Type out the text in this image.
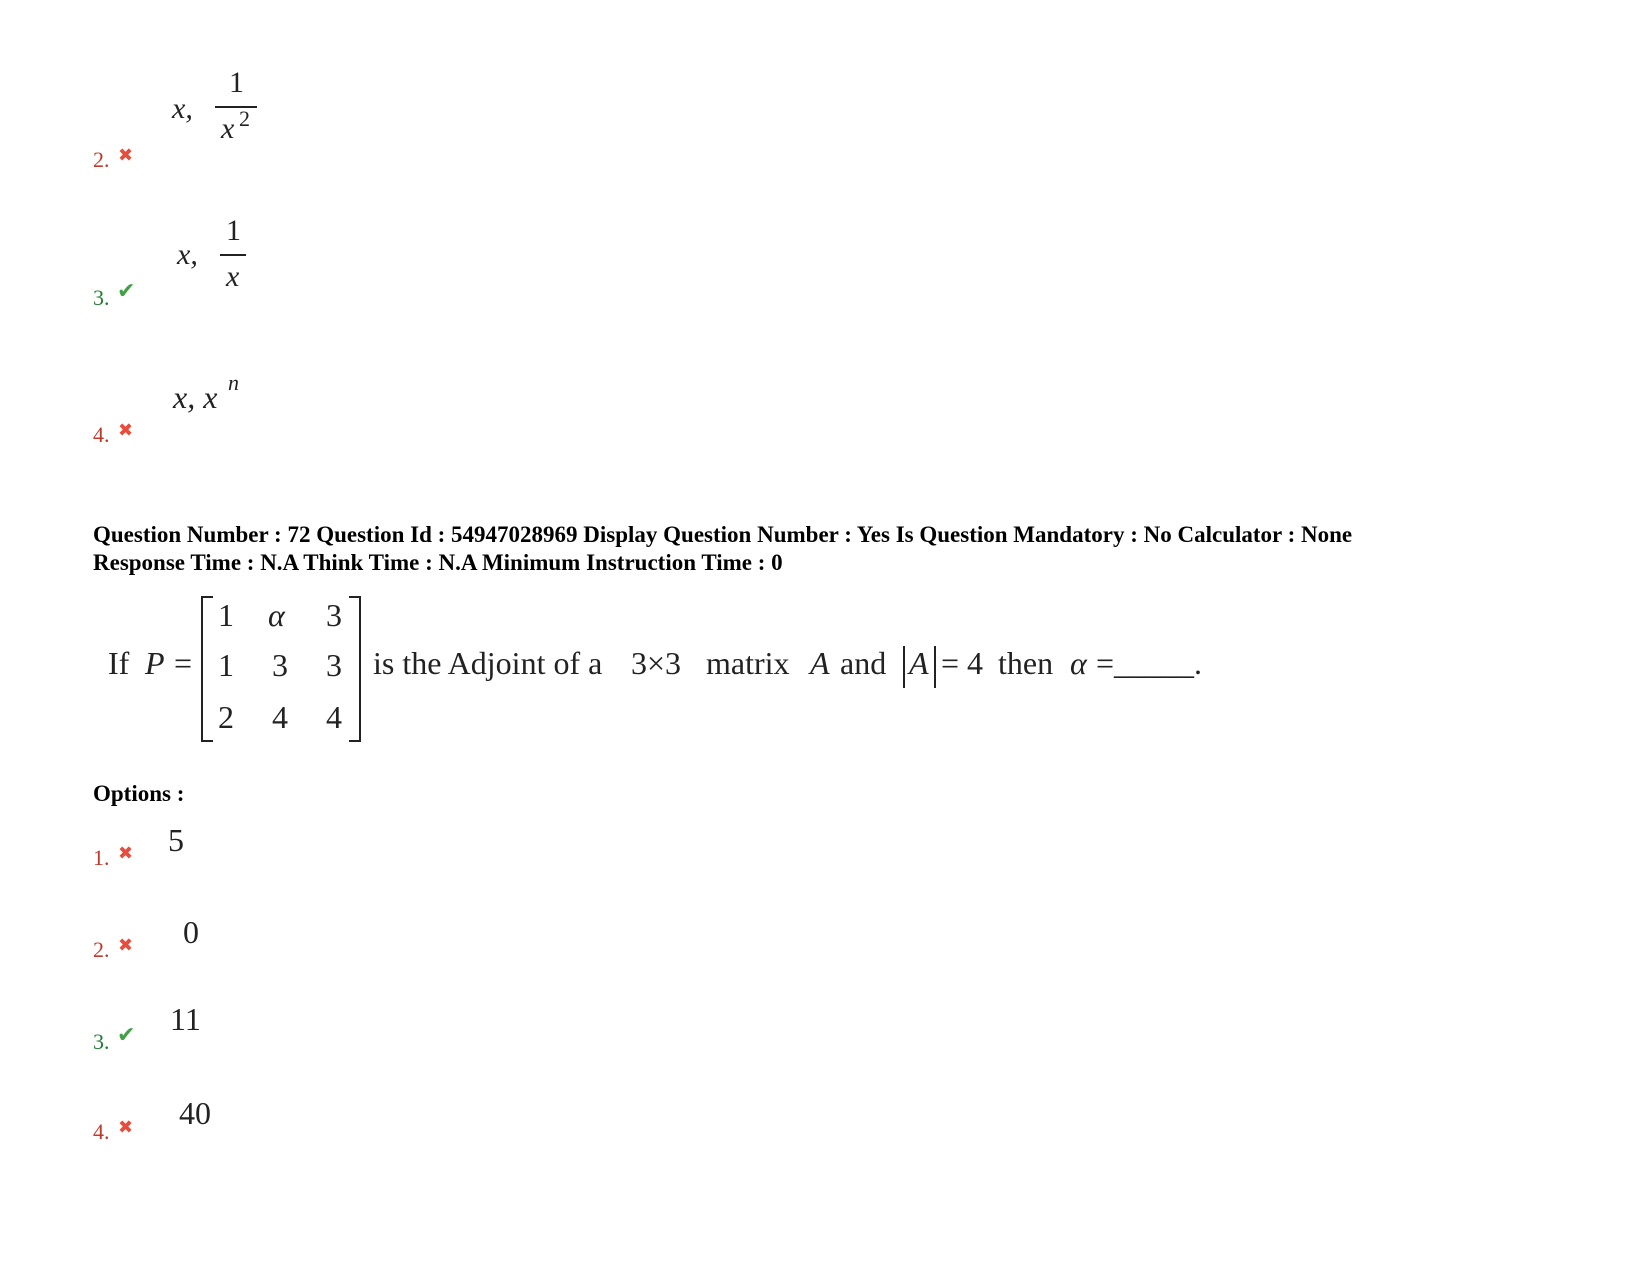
2. ✖
x,
1
x 2
3. ✔
x,
1
x
4. ✖
x, x n
Question Number : 72 Question Id : 54947028969 Display Question Number : Yes Is Question Mandatory : No Calculator : None
Response Time : N.A Think Time : N.A Minimum Instruction Time : 0
If P =
1 α 3
1 3 3
2 4 4
is the Adjoint of a 3×3 matrix A and A = 4 then α =_____.
Options :
1. ✖ 5
2. ✖ 0
3. ✔ 11
4. ✖ 40
